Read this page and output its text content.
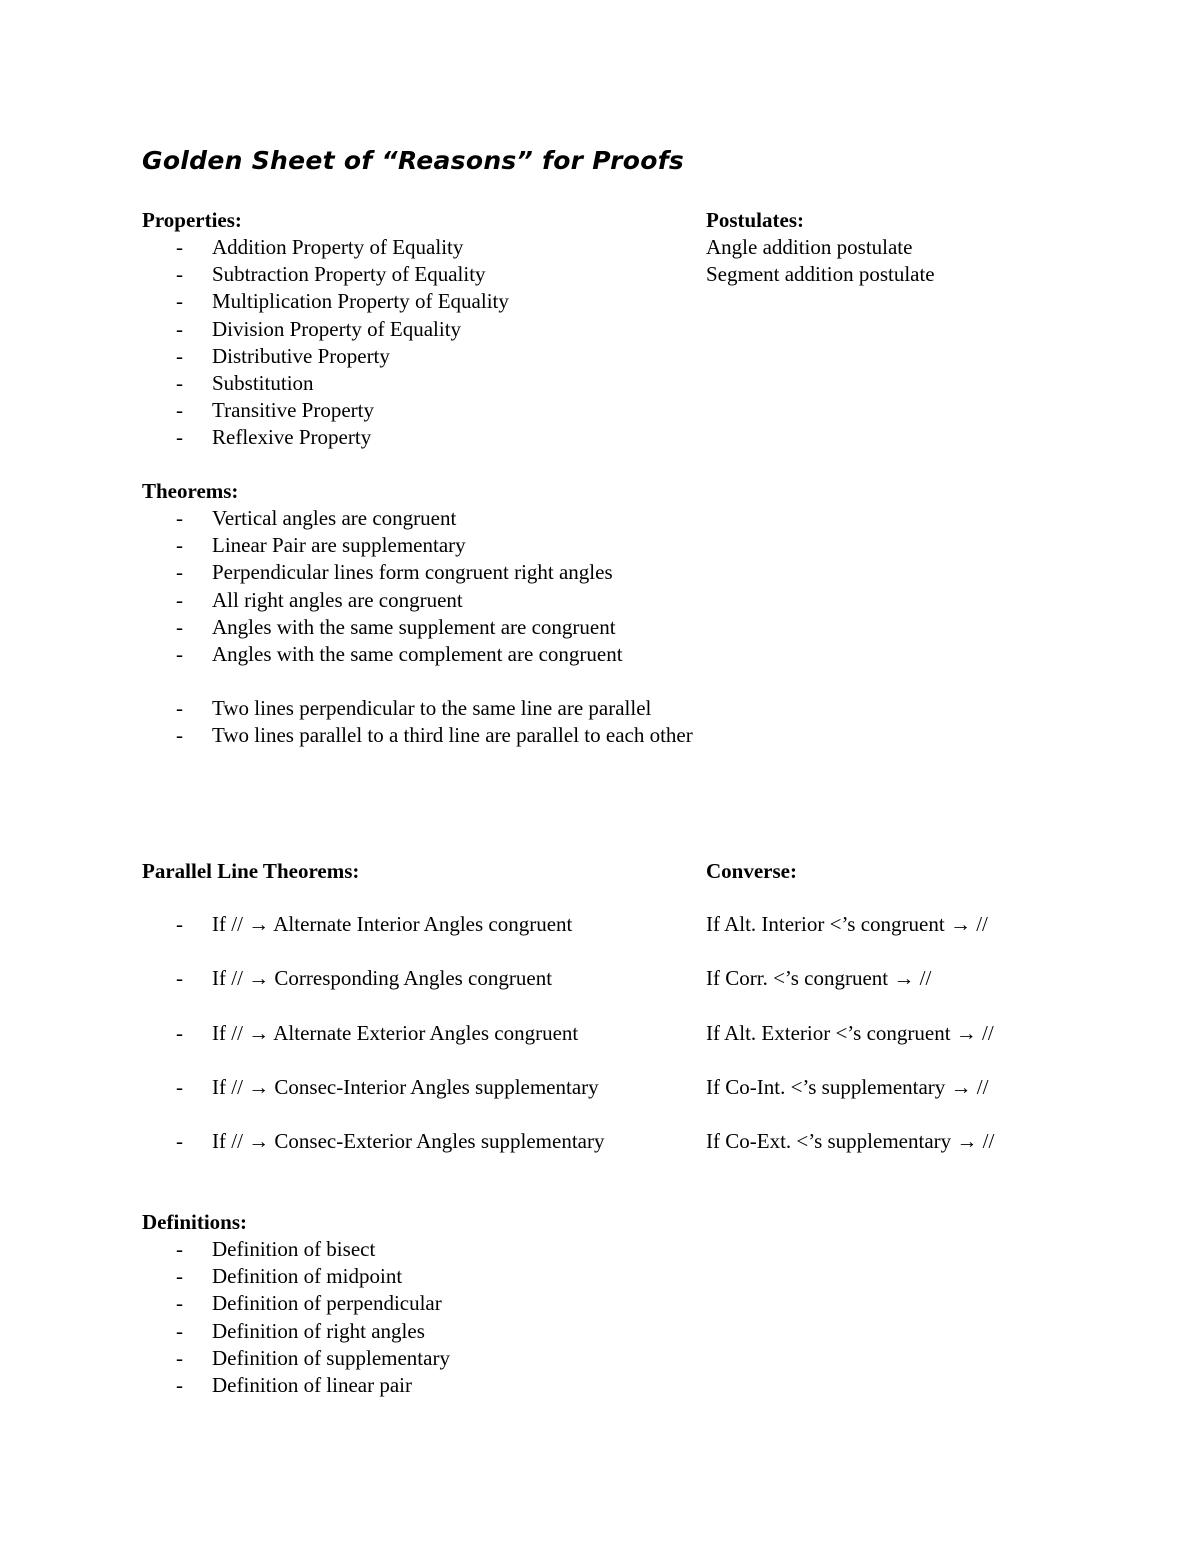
Golden Sheet of “Reasons” for Proofs
Properties:
- Addition Property of Equality
- Subtraction Property of Equality
- Multiplication Property of Equality
- Division Property of Equality
- Distributive Property
- Substitution
- Transitive Property
- Reflexive Property
Postulates:
Angle addition postulate
Segment addition postulate
Theorems:
- Vertical angles are congruent
- Linear Pair are supplementary
- Perpendicular lines form congruent right angles
- All right angles are congruent
- Angles with the same supplement are congruent
- Angles with the same complement are congruent
- Two lines perpendicular to the same line are parallel
- Two lines parallel to a third line are parallel to each other
Parallel Line Theorems:	Converse:
- If // → Alternate Interior Angles congruent	If Alt. Interior <’s congruent → //
- If // → Corresponding Angles congruent	If Corr. <’s congruent → //
- If // → Alternate Exterior Angles congruent	If Alt. Exterior <’s congruent → //
- If // → Consec-Interior Angles supplementary	If Co-Int. <’s supplementary → //
- If // → Consec-Exterior Angles supplementary	If Co-Ext. <’s supplementary → //
Definitions:
- Definition of bisect
- Definition of midpoint
- Definition of perpendicular
- Definition of right angles
- Definition of supplementary
- Definition of linear pair
